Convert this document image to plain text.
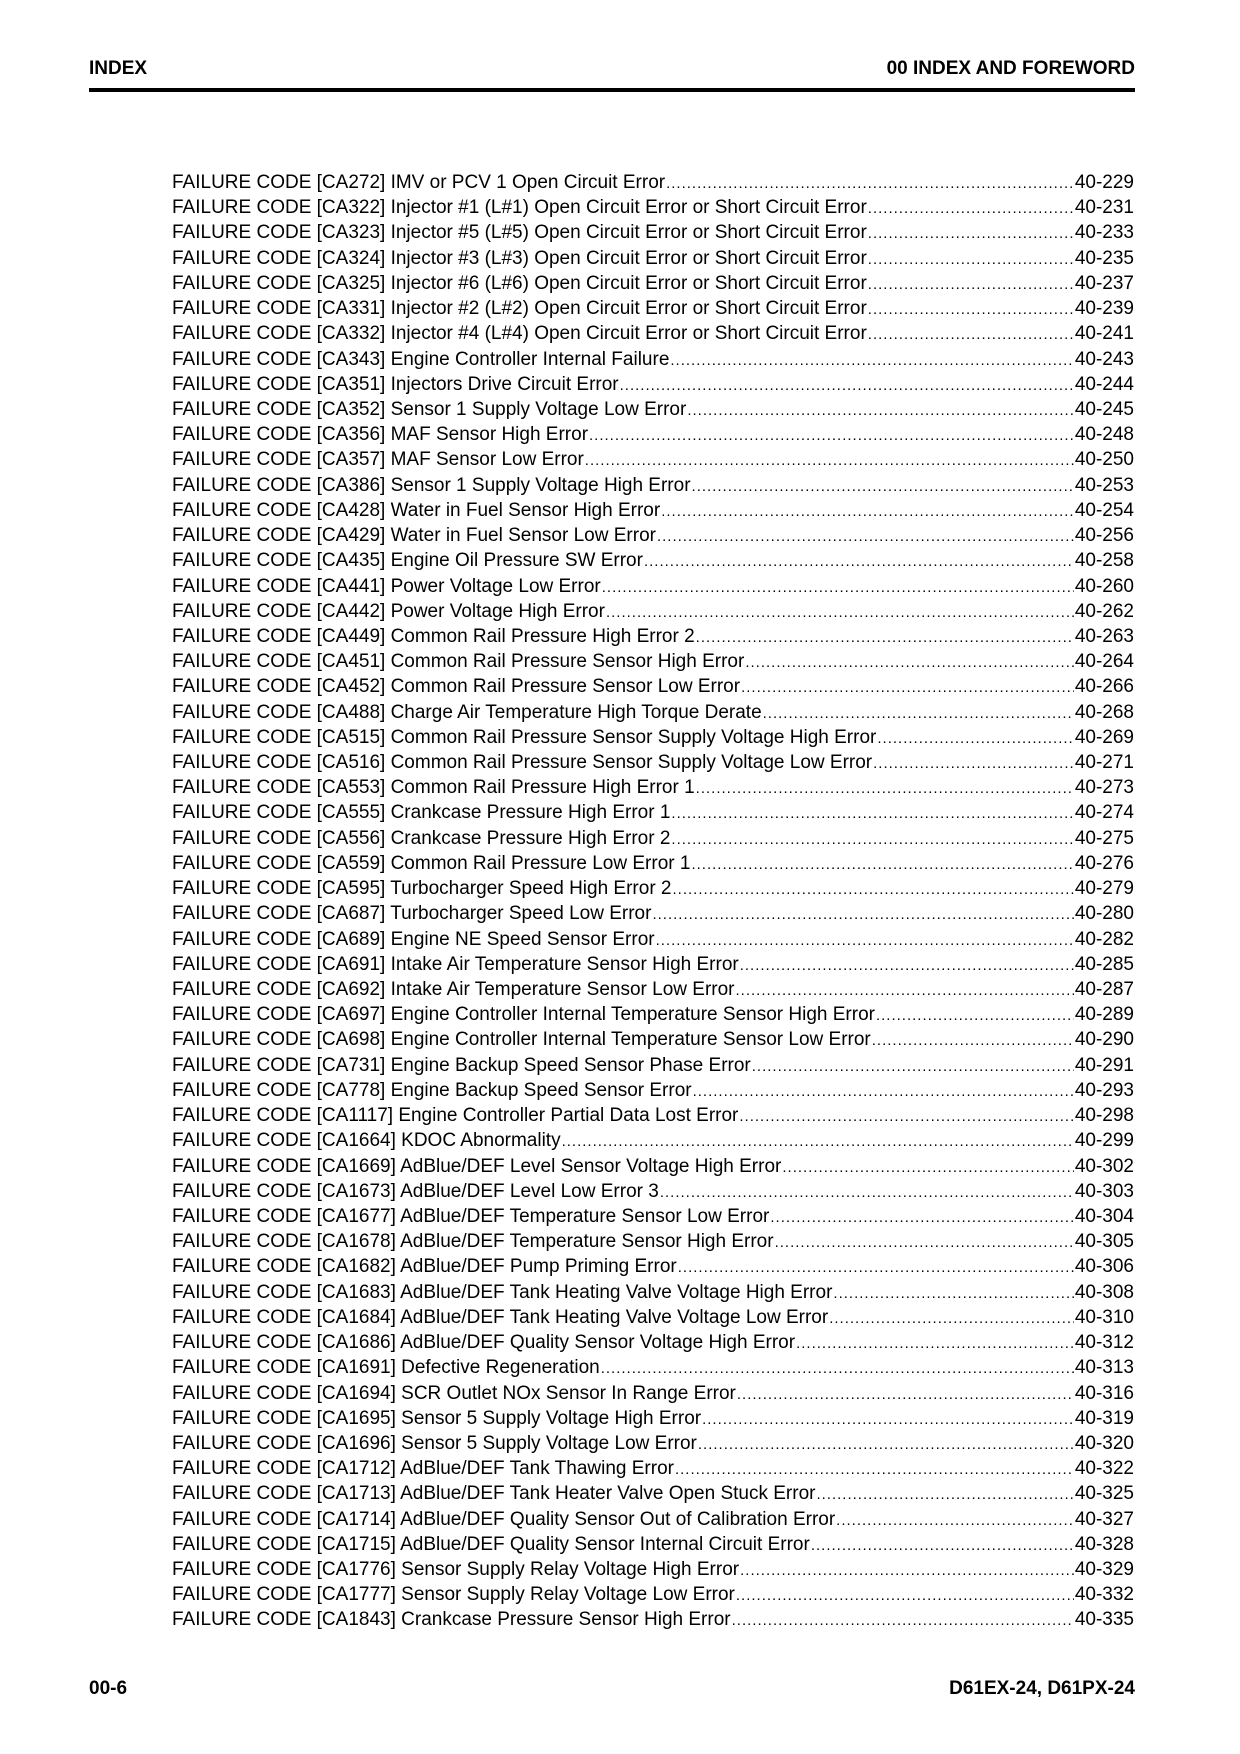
INDEX	00 INDEX AND FOREWORD
FAILURE CODE [CA272] IMV or PCV 1 Open Circuit Error .....	40-229
FAILURE CODE [CA322] Injector #1 (L#1) Open Circuit Error or Short Circuit Error .....	40-231
FAILURE CODE [CA323] Injector #5 (L#5) Open Circuit Error or Short Circuit Error .....	40-233
FAILURE CODE [CA324] Injector #3 (L#3) Open Circuit Error or Short Circuit Error .....	40-235
FAILURE CODE [CA325] Injector #6 (L#6) Open Circuit Error or Short Circuit Error .....	40-237
FAILURE CODE [CA331] Injector #2 (L#2) Open Circuit Error or Short Circuit Error .....	40-239
FAILURE CODE [CA332] Injector #4 (L#4) Open Circuit Error or Short Circuit Error .....	40-241
FAILURE CODE [CA343] Engine Controller Internal Failure .....	40-243
FAILURE CODE [CA351] Injectors Drive Circuit Error .....	40-244
FAILURE CODE [CA352] Sensor 1 Supply Voltage Low Error .....	40-245
FAILURE CODE [CA356] MAF Sensor High Error .....	40-248
FAILURE CODE [CA357] MAF Sensor Low Error .....	40-250
FAILURE CODE [CA386] Sensor 1 Supply Voltage High Error .....	40-253
FAILURE CODE [CA428] Water in Fuel Sensor High Error .....	40-254
FAILURE CODE [CA429] Water in Fuel Sensor Low Error .....	40-256
FAILURE CODE [CA435] Engine Oil Pressure SW Error .....	40-258
FAILURE CODE [CA441] Power Voltage Low Error .....	40-260
FAILURE CODE [CA442] Power Voltage High Error .....	40-262
FAILURE CODE [CA449] Common Rail Pressure High Error 2 .....	40-263
FAILURE CODE [CA451] Common Rail Pressure Sensor High Error .....	40-264
FAILURE CODE [CA452] Common Rail Pressure Sensor Low Error .....	40-266
FAILURE CODE [CA488] Charge Air Temperature High Torque Derate .....	40-268
FAILURE CODE [CA515] Common Rail Pressure Sensor Supply Voltage High Error .....	40-269
FAILURE CODE [CA516] Common Rail Pressure Sensor Supply Voltage Low Error .....	40-271
FAILURE CODE [CA553] Common Rail Pressure High Error 1 .....	40-273
FAILURE CODE [CA555] Crankcase Pressure High Error 1 .....	40-274
FAILURE CODE [CA556] Crankcase Pressure High Error 2 .....	40-275
FAILURE CODE [CA559] Common Rail Pressure Low Error 1 .....	40-276
FAILURE CODE [CA595] Turbocharger Speed High Error 2 .....	40-279
FAILURE CODE [CA687] Turbocharger Speed Low Error .....	40-280
FAILURE CODE [CA689] Engine NE Speed Sensor Error .....	40-282
FAILURE CODE [CA691] Intake Air Temperature Sensor High Error .....	40-285
FAILURE CODE [CA692] Intake Air Temperature Sensor Low Error .....	40-287
FAILURE CODE [CA697] Engine Controller Internal Temperature Sensor High Error .....	40-289
FAILURE CODE [CA698] Engine Controller Internal Temperature Sensor Low Error .....	40-290
FAILURE CODE [CA731] Engine Backup Speed Sensor Phase Error .....	40-291
FAILURE CODE [CA778] Engine Backup Speed Sensor Error .....	40-293
FAILURE CODE [CA1117] Engine Controller Partial Data Lost Error .....	40-298
FAILURE CODE [CA1664] KDOC Abnormality .....	40-299
FAILURE CODE [CA1669] AdBlue/DEF Level Sensor Voltage High Error .....	40-302
FAILURE CODE [CA1673] AdBlue/DEF Level Low Error 3 .....	40-303
FAILURE CODE [CA1677] AdBlue/DEF Temperature Sensor Low Error .....	40-304
FAILURE CODE [CA1678] AdBlue/DEF Temperature Sensor High Error .....	40-305
FAILURE CODE [CA1682] AdBlue/DEF Pump Priming Error .....	40-306
FAILURE CODE [CA1683] AdBlue/DEF Tank Heating Valve Voltage High Error .....	40-308
FAILURE CODE [CA1684] AdBlue/DEF Tank Heating Valve Voltage Low Error .....	40-310
FAILURE CODE [CA1686] AdBlue/DEF Quality Sensor Voltage High Error .....	40-312
FAILURE CODE [CA1691] Defective Regeneration .....	40-313
FAILURE CODE [CA1694] SCR Outlet NOx Sensor In Range Error .....	40-316
FAILURE CODE [CA1695] Sensor 5 Supply Voltage High Error .....	40-319
FAILURE CODE [CA1696] Sensor 5 Supply Voltage Low Error .....	40-320
FAILURE CODE [CA1712] AdBlue/DEF Tank Thawing Error .....	40-322
FAILURE CODE [CA1713] AdBlue/DEF Tank Heater Valve Open Stuck Error .....	40-325
FAILURE CODE [CA1714] AdBlue/DEF Quality Sensor Out of Calibration Error .....	40-327
FAILURE CODE [CA1715] AdBlue/DEF Quality Sensor Internal Circuit Error .....	40-328
FAILURE CODE [CA1776] Sensor Supply Relay Voltage High Error .....	40-329
FAILURE CODE [CA1777] Sensor Supply Relay Voltage Low Error .....	40-332
FAILURE CODE [CA1843] Crankcase Pressure Sensor High Error .....	40-335
00-6	D61EX-24, D61PX-24
